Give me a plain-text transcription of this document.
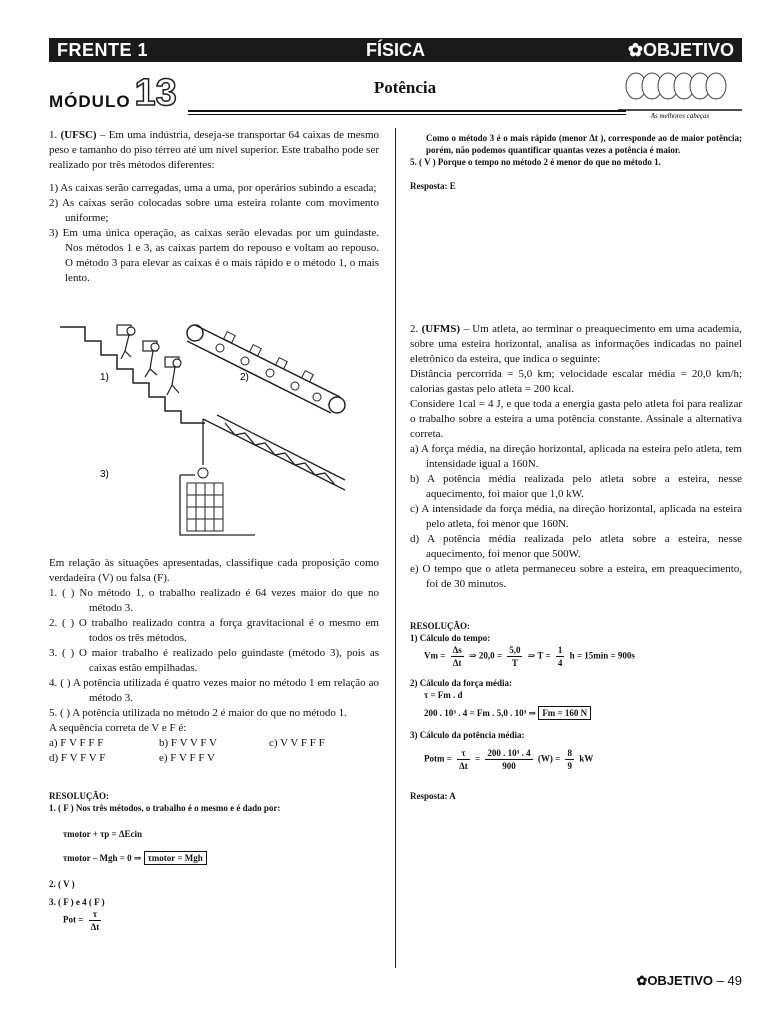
FRENTE 1	FÍSICA	✿OBJETIVO
MÓDULO 13	Potência
As melhores cabeças

1. (UFSC) – Em uma indústria, deseja-se transportar 64 caixas de mesmo peso e tamanho do piso térreo até um nível superior. Este trabalho pode ser realizado por três métodos diferentes:

1) As caixas serão carregadas, uma a uma, por operários subindo a escada;

2) As caixas serão colocadas sobre uma esteira rolante com movimento uniforme;

3) Em uma única operação, as caixas serão elevadas por um guindaste. Nos métodos 1 e 3, as caixas partem do repouso e voltam ao repouso. O método 3 para elevar as caixas é o mais rápido e o método 1, o mais lento.

1)	2)
3)

Em relação às situações apresentadas, classifique cada proposição como verdadeira (V) ou falsa (F).

1. ( ) No método 1, o trabalho realizado é 64 vezes maior do que no método 3.

2. ( ) O trabalho realizado contra a força gravitacional é o mesmo em todos os três métodos.

3. ( ) O maior trabalho é realizado pelo guindaste (método 3), pois as caixas estão empilhadas.

4. ( ) A potência utilizada é quatro vezes maior no método 1 em relação ao método 3.

5. ( ) A potência utilizada no método 2 é maior do que no método 1.

A sequência correta de V e F é:

a) F V F F F	b) F V V F V	c) V V F F F
d) F V F V F	e) F V F F V

RESOLUÇÃO:

1. ( F ) Nos três métodos, o trabalho é o mesmo e é dado por:

τmotor + τp = ΔEcin

τmotor – Mgh = 0 ⇒ τmotor = Mgh

2. ( V )

3. ( F ) e 4 ( F )

Pot = $\frac{\tau}{\Delta t}$

Como o método 3 é o mais rápido (menor Δt ), corresponde ao de maior potência; porém, não podemos quantificar quantas vezes a potência é maior.

5. ( V ) Porque o tempo no método 2 é menor do que no método 1.

Resposta: E

2. (UFMS) – Um atleta, ao terminar o preaquecimento em uma academia, sobre uma esteira horizontal, analisa as informações indicadas no painel eletrônico da esteira, que indica o seguinte:

Distância percorrida = 5,0 km; velocidade escalar média = 20,0 km/h; calorias gastas pelo atleta = 200 kcal.

Considere 1cal = 4 J, e que toda a energia gasta pelo atleta foi para realizar o trabalho sobre a esteira a uma potência constante. Assinale a alternativa correta.

a) A força média, na direção horizontal, aplicada na esteira pelo atleta, tem intensidade igual a 160N.

b) A potência média realizada pelo atleta sobre a esteira, nesse aquecimento, foi maior que 1,0 kW.

c) A intensidade da força média, na direção horizontal, aplicada na esteira pelo atleta, foi menor que 160N.

d) A potência média realizada pelo atleta sobre a esteira, nesse aquecimento, foi menor que 500W.

e) O tempo que o atleta permaneceu sobre a esteira, em preaquecimento, foi de 30 minutos.

RESOLUÇÃO:

1) Cálculo do tempo:

$Vm = \frac{\Delta s}{\Delta t}$ ⇒ $20,0 = \frac{5,0}{T}$ ⇒ $T = \frac{1}{4}$ h = 15min = 900s

2) Cálculo da força média:

τ = Fm . d

200 . 10³ . 4 = Fm . 5,0 . 10³ ⇒ Fm = 160 N

3) Cálculo da potência média:

Potm = $\frac{\tau}{\Delta t} = \frac{\text{200 . 10³ . 4}}{900} (W) = \frac{8}{9}$ kW

Resposta: A

✿OBJETIVO – 49
